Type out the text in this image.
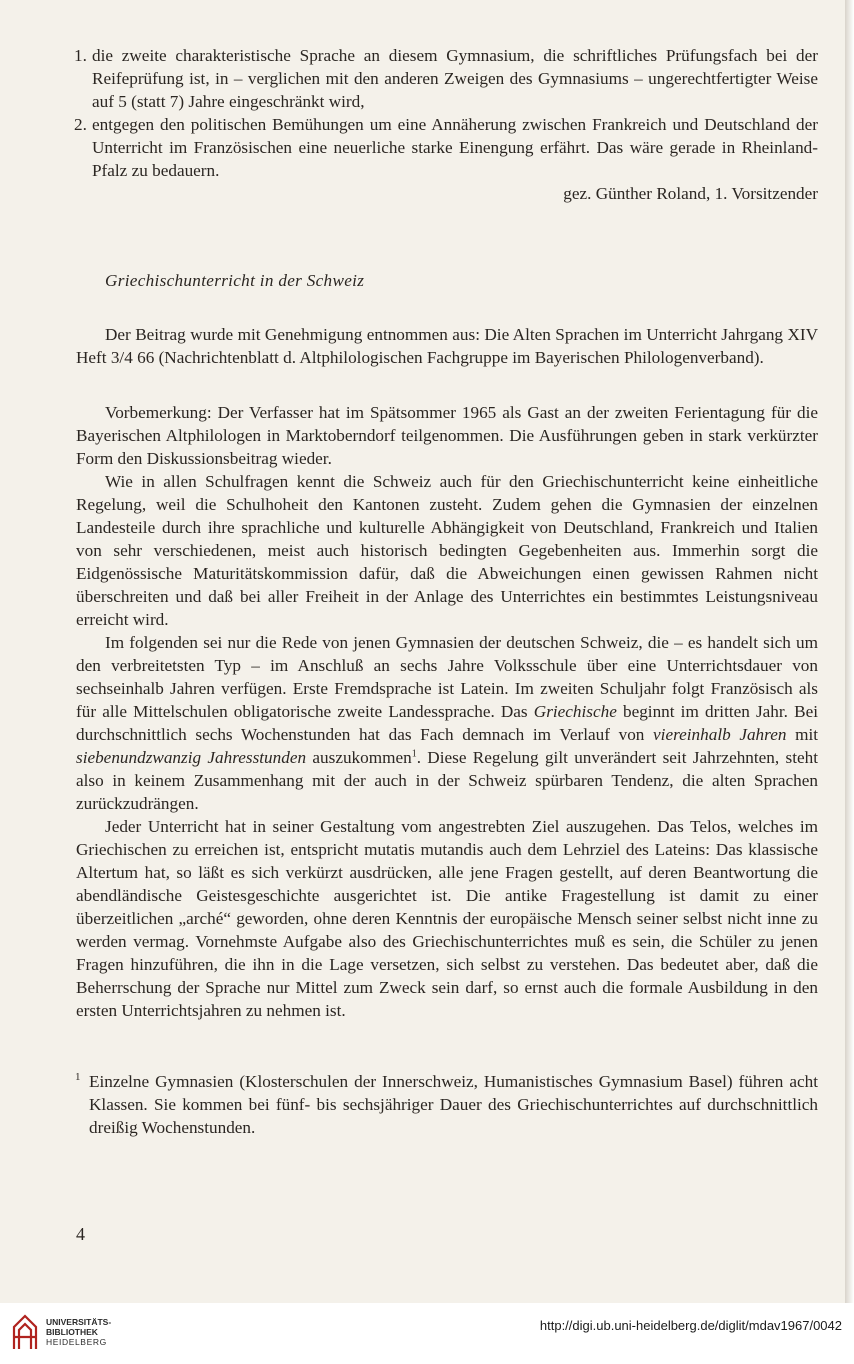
1. die zweite charakteristische Sprache an diesem Gymnasium, die schriftliches Prüfungsfach bei der Reifeprüfung ist, in – verglichen mit den anderen Zweigen des Gymnasiums – ungerechtfertigter Weise auf 5 (statt 7) Jahre eingeschränkt wird,
2. entgegen den politischen Bemühungen um eine Annäherung zwischen Frankreich und Deutschland der Unterricht im Französischen eine neuerliche starke Einengung erfährt. Das wäre gerade in Rheinland-Pfalz zu bedauern.
gez. Günther Roland, 1. Vorsitzender
Griechischunterricht in der Schweiz

Der Beitrag wurde mit Genehmigung entnommen aus: Die Alten Sprachen im Unterricht Jahrgang XIV Heft 3/4 66 (Nachrichtenblatt d. Altphilologischen Fachgruppe im Bayerischen Philologenverband).

Vorbemerkung: Der Verfasser hat im Spätsommer 1965 als Gast an der zweiten Ferientagung für die Bayerischen Altphilologen in Marktoberndorf teilgenommen. Die Ausführungen geben in stark verkürzter Form den Diskussionsbeitrag wieder.

Wie in allen Schulfragen kennt die Schweiz auch für den Griechischunterricht keine einheitliche Regelung, weil die Schulhoheit den Kantonen zusteht. Zudem gehen die Gymnasien der einzelnen Landesteile durch ihre sprachliche und kulturelle Abhängigkeit von Deutschland, Frankreich und Italien von sehr verschiedenen, meist auch historisch bedingten Gegebenheiten aus. Immerhin sorgt die Eidgenössische Maturitätskommission dafür, daß die Abweichungen einen gewissen Rahmen nicht überschreiten und daß bei aller Freiheit in der Anlage des Unterrichtes ein bestimmtes Leistungsniveau erreicht wird.

Im folgenden sei nur die Rede von jenen Gymnasien der deutschen Schweiz, die – es handelt sich um den verbreitetsten Typ – im Anschluß an sechs Jahre Volksschule über eine Unterrichtsdauer von sechseinhalb Jahren verfügen. Erste Fremdsprache ist Latein. Im zweiten Schuljahr folgt Französisch als für alle Mittelschulen obligatorische zweite Landessprache. Das Griechische beginnt im dritten Jahr. Bei durchschnittlich sechs Wochenstunden hat das Fach demnach im Verlauf von viereinhalb Jahren mit siebenundzwanzig Jahresstunden auszukommen$^1$. Diese Regelung gilt unverändert seit Jahrzehnten, steht also in keinem Zusammenhang mit der auch in der Schweiz spürbaren Tendenz, die alten Sprachen zurückzudrängen.

Jeder Unterricht hat in seiner Gestaltung vom angestrebten Ziel auszugehen. Das Telos, welches im Griechischen zu erreichen ist, entspricht mutatis mutandis auch dem Lehrziel des Lateins: Das klassische Altertum hat, so läßt es sich verkürzt ausdrücken, alle jene Fragen gestellt, auf deren Beantwortung die abendländische Geistesgeschichte ausgerichtet ist. Die antike Fragestellung ist damit zu einer überzeitlichen „arché“ geworden, ohne deren Kenntnis der europäische Mensch seiner selbst nicht inne zu werden vermag. Vornehmste Aufgabe also des Griechischunterrichtes muß es sein, die Schüler zu jenen Fragen hinzuführen, die ihn in die Lage versetzen, sich selbst zu verstehen. Das bedeutet aber, daß die Beherrschung der Sprache nur Mittel zum Zweck sein darf, so ernst auch die formale Ausbildung in den ersten Unterrichtsjahren zu nehmen ist.

1 Einzelne Gymnasien (Klosterschulen der Innerschweiz, Humanistisches Gymnasium Basel) führen acht Klassen. Sie kommen bei fünf- bis sechsjähriger Dauer des Griechischunterrichtes auf durchschnittlich dreißig Wochenstunden.
4
UNIVERSITÄTS-
BIBLIOTHEK
HEIDELBERG
http://digi.ub.uni-heidelberg.de/diglit/mdav1967/0042
